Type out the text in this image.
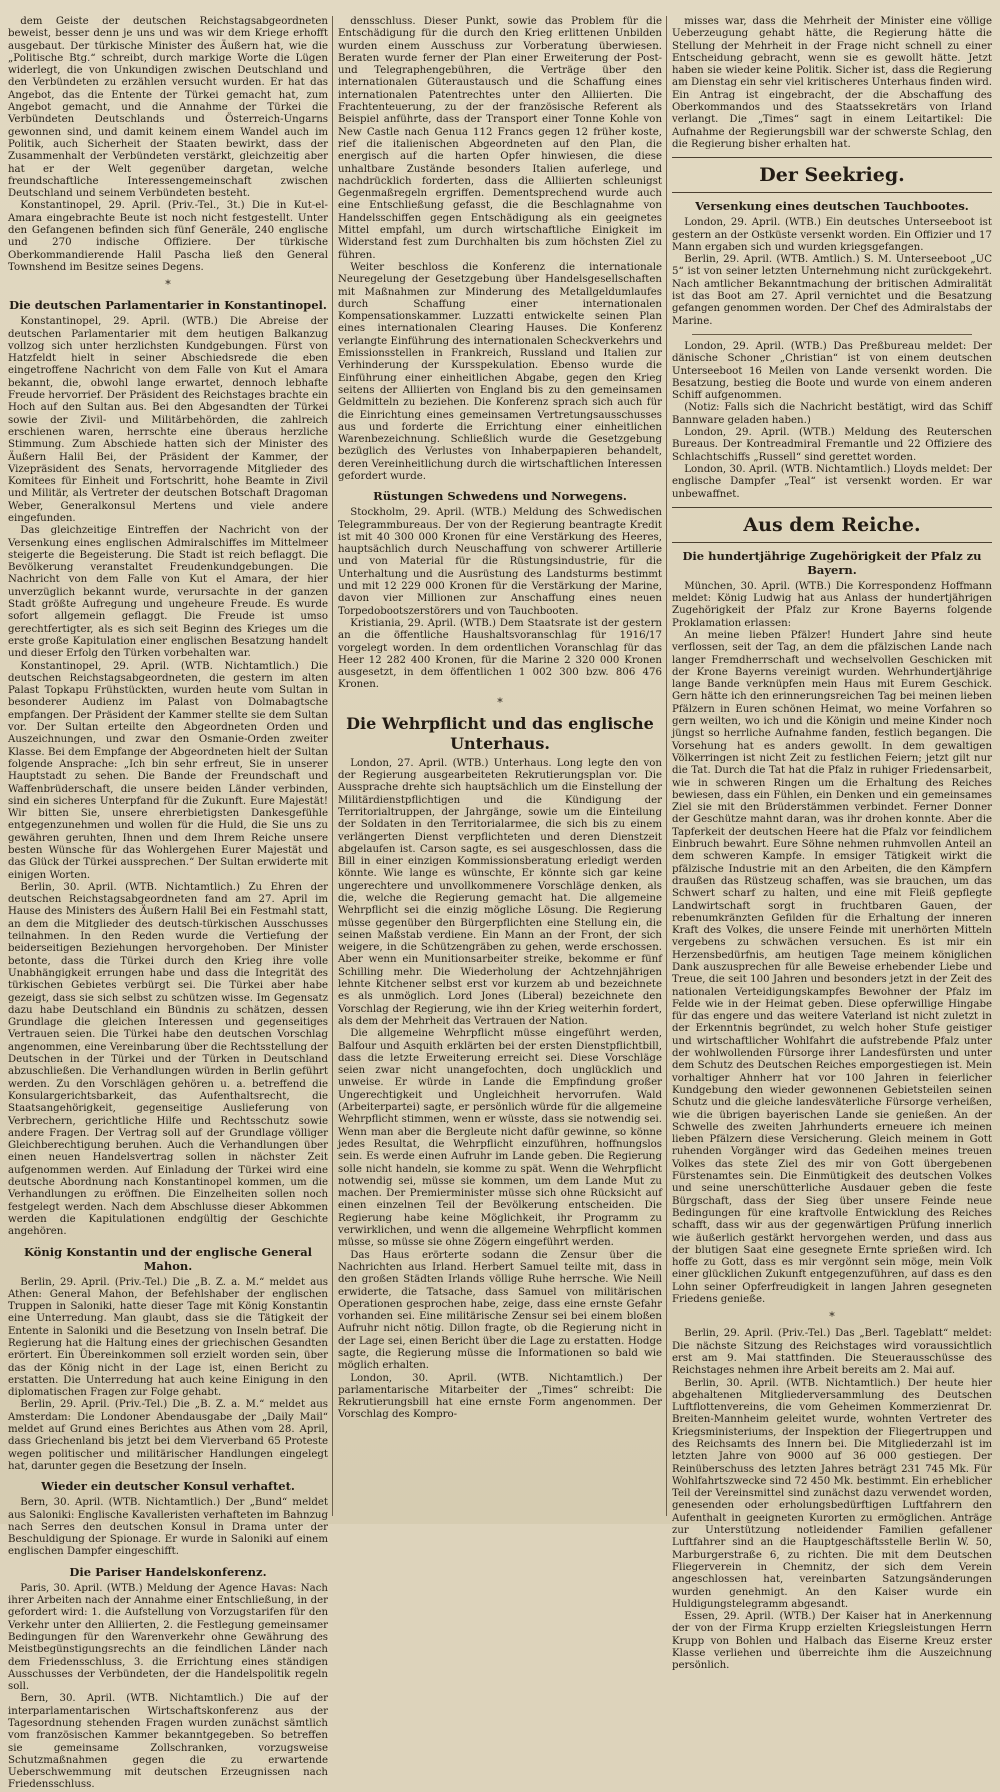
dem Geiste der deutschen Reichstagsabgeordneten beweist, besser denn je uns und was wir dem Kriege erhofft ausgebaut. Der türkische Minister des Äußern hat, wie die „Politische Btg.“ schreibt, durch markige Worte die Lügen widerlegt, die von Unkundigen zwischen Deutschland und den Verbündeten zu erzählen versucht wurden. Er hat das Angebot, das die Entente der Türkei gemacht hat, zum Angebot gemacht, und die Annahme der Türkei die Verbündeten Deutschlands und Österreich-Ungarns gewonnen sind, und damit keinem einem Wandel auch im Politik, auch Sicherheit der Staaten bewirkt, dass der Zusammenhalt der Verbündeten verstärkt, gleichzeitig aber hat er der Welt gegenüber dargetan, welche freundschaftliche Interessengemeinschaft zwischen Deutschland und seinem Verbündeten besteht.

Konstantinopel, 29. April. (Priv.-Tel., 3t.) Die in Kut-el-Amara eingebrachte Beute ist noch nicht festgestellt. Unter den Gefangenen befinden sich fünf Generäle, 240 englische und 270 indische Offiziere. Der türkische Oberkommandierende Halil Pascha ließ den General Townshend im Besitze seines Degens.

*
Die deutschen Parlamentarier in Konstantinopel.

Konstantinopel, 29. April. (WTB.) Die Abreise der deutschen Parlamentarier mit dem heutigen Balkanzug vollzog sich unter herzlichsten Kundgebungen. Fürst von Hatzfeldt hielt in seiner Abschiedsrede die eben eingetroffene Nachricht von dem Falle von Kut el Amara bekannt, die, obwohl lange erwartet, dennoch lebhafte Freude hervorrief. Der Präsident des Reichstages brachte ein Hoch auf den Sultan aus. Bei den Abgesandten der Türkei sowie der Zivil- und Militärbehörden, die zahlreich erschienen waren, herrschte eine überaus herzliche Stimmung. Zum Abschiede hatten sich der Minister des Äußern Halil Bei, der Präsident der Kammer, der Vizepräsident des Senats, hervorragende Mitglieder des Komitees für Einheit und Fortschritt, hohe Beamte in Zivil und Militär, als Vertreter der deutschen Botschaft Dragoman Weber, Generalkonsul Mertens und viele andere eingefunden.

Das gleichzeitige Eintreffen der Nachricht von der Versenkung eines englischen Admiralschiffes im Mittelmeer steigerte die Begeisterung. Die Stadt ist reich beflaggt. Die Bevölkerung veranstaltet Freudenkundgebungen. Die Nachricht von dem Falle von Kut el Amara, der hier unverzüglich bekannt wurde, verursachte in der ganzen Stadt größte Aufregung und ungeheure Freude. Es wurde sofort allgemein geflaggt. Die Freude ist umso gerechtfertigter, als es sich seit Beginn des Krieges um die erste große Kapitulation einer englischen Besatzung handelt und dieser Erfolg den Türken vorbehalten war.

Konstantinopel, 29. April. (WTB. Nichtamtlich.) Die deutschen Reichstagsabgeordneten, die gestern im alten Palast Topkapu Frühstückten, wurden heute vom Sultan in besonderer Audienz im Palast von Dolmabagtsche empfangen. Der Präsident der Kammer stellte sie dem Sultan vor. Der Sultan erteilte den Abgeordneten Orden und Auszeichnungen, und zwar den Osmanie-Orden zweiter Klasse. Bei dem Empfange der Abgeordneten hielt der Sultan folgende Ansprache: „Ich bin sehr erfreut, Sie in unserer Hauptstadt zu sehen. Die Bande der Freundschaft und Waffenbrüderschaft, die unsere beiden Länder verbinden, sind ein sicheres Unterpfand für die Zukunft. Eure Majestät! Wir bitten Sie, unsere ehrerbietigsten Dankesgefühle entgegenzunehmen und wollen für die Huld, die Sie uns zu gewähren geruhten, Ihnen und dem Ihrem Reiche unsere besten Wünsche für das Wohlergehen Eurer Majestät und das Glück der Türkei aussprechen.“ Der Sultan erwiderte mit einigen Worten.

Berlin, 30. April. (WTB. Nichtamtlich.) Zu Ehren der deutschen Reichstagsabgeordneten fand am 27. April im Hause des Ministers des Äußern Halil Bei ein Festmahl statt, an dem die Mitglieder des deutsch-türkischen Ausschusses teilnahmen. In den Reden wurde die Vertiefung der beiderseitigen Beziehungen hervorgehoben. Der Minister betonte, dass die Türkei durch den Krieg ihre volle Unabhängigkeit errungen habe und dass die Integrität des türkischen Gebietes verbürgt sei. Die Türkei aber habe gezeigt, dass sie sich selbst zu schützen wisse. Im Gegensatz dazu habe Deutschland ein Bündnis zu schätzen, dessen Grundlage die gleichen Interessen und gegenseitiges Vertrauen seien. Die Türkei habe den deutschen Vorschlag angenommen, eine Vereinbarung über die Rechtsstellung der Deutschen in der Türkei und der Türken in Deutschland abzuschließen. Die Verhandlungen würden in Berlin geführt werden. Zu den Vorschlägen gehören u. a. betreffend die Konsulargerichtsbarkeit, das Aufenthaltsrecht, die Staatsangehörigkeit, gegenseitige Auslieferung von Verbrechern, gerichtliche Hilfe und Rechtsschutz sowie andere Fragen. Der Vertrag soll auf der Grundlage völliger Gleichberechtigung beruhen. Auch die Verhandlungen über einen neuen Handelsvertrag sollen in nächster Zeit aufgenommen werden. Auf Einladung der Türkei wird eine deutsche Abordnung nach Konstantinopel kommen, um die Verhandlungen zu eröffnen. Die Einzelheiten sollen noch festgelegt werden. Nach dem Abschlusse dieser Abkommen werden die Kapitulationen endgültig der Geschichte angehören.

König Konstantin und der englische General Mahon.

Berlin, 29. April. (Priv.-Tel.) Die „B. Z. a. M.“ meldet aus Athen: General Mahon, der Befehlshaber der englischen Truppen in Saloniki, hatte dieser Tage mit König Konstantin eine Unterredung. Man glaubt, dass sie die Tätigkeit der Entente in Saloniki und die Besetzung von Inseln betraf. Die Regierung hat die Haltung eines der griechischen Gesandten erörtert. Ein Übereinkommen soll erzielt worden sein, über das der König nicht in der Lage ist, einen Bericht zu erstatten. Die Unterredung hat auch keine Einigung in den diplomatischen Fragen zur Folge gehabt.

Berlin, 29. April. (Priv.-Tel.) Die „B. Z. a. M.“ meldet aus Amsterdam: Die Londoner Abendausgabe der „Daily Mail“ meldet auf Grund eines Berichtes aus Athen vom 28. April, dass Griechenland bis jetzt bei dem Vierverband 65 Proteste wegen politischer und militärischer Handlungen eingelegt hat, darunter gegen die Besetzung der Inseln.

Wieder ein deutscher Konsul verhaftet.

Bern, 30. April. (WTB. Nichtamtlich.) Der „Bund“ meldet aus Saloniki: Englische Kavalleristen verhafteten im Bahnzug nach Serres den deutschen Konsul in Drama unter der Beschuldigung der Spionage. Er wurde in Saloniki auf einem englischen Dampfer eingeschifft.

Die Pariser Handelskonferenz.

Paris, 30. April. (WTB.) Meldung der Agence Havas: Nach ihrer Arbeiten nach der Annahme einer Entschließung, in der gefordert wird: 1. die Aufstellung von Vorzugstarifen für den Verkehr unter den Alliierten, 2. die Festlegung gemeinsamer Bedingungen für den Warenverkehr ohne Gewährung des Meistbegünstigungsrechts an die feindlichen Länder nach dem Friedensschluss, 3. die Errichtung eines ständigen Ausschusses der Verbündeten, der die Handelspolitik regeln soll.

Bern, 30. April. (WTB. Nichtamtlich.) Die auf der interparlamentarischen Wirtschaftskonferenz aus der Tagesordnung stehenden Fragen wurden zunächst sämtlich vom französischen Kammer bekanntgegeben. So betreffen sie gemeinsame Zollschranken, vorzugsweise Schutzmaßnahmen gegen die zu erwartende Ueberschwemmung mit deutschen Erzeugnissen nach Friedensschluss.

densschluss. Dieser Punkt, sowie das Problem für die Entschädigung für die durch den Krieg erlittenen Unbilden wurden einem Ausschuss zur Vorberatung überwiesen. Beraten wurde ferner der Plan einer Erweiterung der Post- und Telegraphengebühren, die Verträge über den internationalen Güteraustausch und die Schaffung eines internationalen Patentrechtes unter den Alliierten. Die Frachtenteuerung, zu der der französische Referent als Beispiel anführte, dass der Transport einer Tonne Kohle von New Castle nach Genua 112 Francs gegen 12 früher koste, rief die italienischen Abgeordneten auf den Plan, die energisch auf die harten Opfer hinwiesen, die diese unhaltbare Zustände besonders Italien auferlege, und nachdrücklich forderten, dass die Alliierten schleunigst Gegenmaßregeln ergriffen. Dementsprechend wurde auch eine Entschließung gefasst, die die Beschlagnahme von Handelsschiffen gegen Entschädigung als ein geeignetes Mittel empfahl, um durch wirtschaftliche Einigkeit im Widerstand fest zum Durchhalten bis zum höchsten Ziel zu führen.

Weiter beschloss die Konferenz die internationale Neuregelung der Gesetzgebung über Handelsgesellschaften mit Maßnahmen zur Minderung des Metallgeldumlaufes durch Schaffung einer internationalen Kompensationskammer. Luzzatti entwickelte seinen Plan eines internationalen Clearing Hauses. Die Konferenz verlangte Einführung des internationalen Scheckverkehrs und Emissionsstellen in Frankreich, Russland und Italien zur Verhinderung der Kursspekulation. Ebenso wurde die Einführung einer einheitlichen Abgabe, gegen den Krieg seitens der Alliierten von England bis zu den gemeinsamen Geldmitteln zu beziehen. Die Konferenz sprach sich auch für die Einrichtung eines gemeinsamen Vertretungsausschusses aus und forderte die Errichtung einer einheitlichen Warenbezeichnung. Schließlich wurde die Gesetzgebung bezüglich des Verlustes von Inhaberpapieren behandelt, deren Vereinheitlichung durch die wirtschaftlichen Interessen gefordert wurde.

Rüstungen Schwedens und Norwegens.

Stockholm, 29. April. (WTB.) Meldung des Schwedischen Telegrammbureaus. Der von der Regierung beantragte Kredit ist mit 40 300 000 Kronen für eine Verstärkung des Heeres, hauptsächlich durch Neuschaffung von schwerer Artillerie und von Material für die Rüstungsindustrie, für die Unterhaltung und die Ausrüstung des Landsturms bestimmt und mit 12 229 000 Kronen für die Verstärkung der Marine, davon vier Millionen zur Anschaffung eines neuen Torpedobootszerstörers und von Tauchbooten.

Kristiania, 29. April. (WTB.) Dem Staatsrate ist der gestern an die öffentliche Haushaltsvoranschlag für 1916/17 vorgelegt worden. In dem ordentlichen Voranschlag für das Heer 12 282 400 Kronen, für die Marine 2 320 000 Kronen ausgesetzt, in dem öffentlichen 1 002 300 bzw. 806 476 Kronen.

*
Die Wehrpflicht und das englische Unterhaus.

London, 27. April. (WTB.) Unterhaus. Long legte den von der Regierung ausgearbeiteten Rekrutierungsplan vor. Die Aussprache drehte sich hauptsächlich um die Einstellung der Militärdienstpflichtigen und die Kündigung der Territorialtruppen, der Jahrgänge, sowie um die Einteilung der Soldaten in den Territorialarmee, die sich bis zu einem verlängerten Dienst verpflichteten und deren Dienstzeit abgelaufen ist. Carson sagte, es sei ausgeschlossen, dass die Bill in einer einzigen Kommissionsberatung erledigt werden könnte. Wie lange es wünschte, Er könnte sich gar keine ungerechtere und unvollkommenere Vorschläge denken, als die, welche die Regierung gemacht hat. Die allgemeine Wehrpflicht sei die einzig mögliche Lösung. Die Regierung müsse gegenüber den Bürgerpflichten eine Stellung ein, die seinen Maßstab verdiene. Ein Mann an der Front, der sich weigere, in die Schützengräben zu gehen, werde erschossen. Aber wenn ein Munitionsarbeiter streike, bekomme er fünf Schilling mehr. Die Wiederholung der Achtzehnjährigen lehnte Kitchener selbst erst vor kurzem ab und bezeichnete es als unmöglich. Lord Jones (Liberal) bezeichnete den Vorschlag der Regierung, wie ihn der Krieg weiterhin fordert, als dem der Mehrheit das Vertrauen der Nation.

Die allgemeine Wehrpflicht müsse eingeführt werden, Balfour und Asquith erklärten bei der ersten Dienstpflichtbill, dass die letzte Erweiterung erreicht sei. Diese Vorschläge seien zwar nicht unangefochten, doch unglücklich und unweise. Er würde in Lande die Empfindung großer Ungerechtigkeit und Ungleichheit hervorrufen. Wald (Arbeiterpartei) sagte, er persönlich würde für die allgemeine Wehrpflicht stimmen, wenn er wüsste, dass sie notwendig sei. Wenn man aber die Bergleute nicht dafür gewinne, so könne jedes Resultat, die Wehrpflicht einzuführen, hoffnungslos sein. Es werde einen Aufruhr im Lande geben. Die Regierung solle nicht handeln, sie komme zu spät. Wenn die Wehrpflicht notwendig sei, müsse sie kommen, um dem Lande Mut zu machen. Der Premierminister müsse sich ohne Rücksicht auf einen einzelnen Teil der Bevölkerung entscheiden. Die Regierung habe keine Möglichkeit, ihr Programm zu verwirklichen, und wenn die allgemeine Wehrpflicht kommen müsse, so müsse sie ohne Zögern eingeführt werden.

Das Haus erörterte sodann die Zensur über die Nachrichten aus Irland. Herbert Samuel teilte mit, dass in den großen Städten Irlands völlige Ruhe herrsche. Wie Neill erwiderte, die Tatsache, dass Samuel von militärischen Operationen gesprochen habe, zeige, dass eine ernste Gefahr vorhanden sei. Eine militärische Zensur sei bei einem bloßen Aufruhr nicht nötig. Dillon fragte, ob die Regierung nicht in der Lage sei, einen Bericht über die Lage zu erstatten. Hodge sagte, die Regierung müsse die Informationen so bald wie möglich erhalten.

London, 30. April. (WTB. Nichtamtlich.) Der parlamentarische Mitarbeiter der „Times“ schreibt: Die Rekrutierungsbill hat eine ernste Form angenommen. Der Vorschlag des Kompro-

misses war, dass die Mehrheit der Minister eine völlige Ueberzeugung gehabt hätte, die Regierung hätte die Stellung der Mehrheit in der Frage nicht schnell zu einer Entscheidung gebracht, wenn sie es gewollt hätte. Jetzt haben sie wieder keine Politik. Sicher ist, dass die Regierung am Dienstag ein sehr viel kritischeres Unterhaus finden wird. Ein Antrag ist eingebracht, der die Abschaffung des Oberkommandos und des Staatssekretärs von Irland verlangt. Die „Times“ sagt in einem Leitartikel: Die Aufnahme der Regierungsbill war der schwerste Schlag, den die Regierung bisher erhalten hat.

Der Seekrieg.
Versenkung eines deutschen Tauchbootes.

London, 29. April. (WTB.) Ein deutsches Unterseeboot ist gestern an der Ostküste versenkt worden. Ein Offizier und 17 Mann ergaben sich und wurden kriegsgefangen.

Berlin, 29. April. (WTB. Amtlich.) S. M. Unterseeboot „UC 5“ ist von seiner letzten Unternehmung nicht zurückgekehrt. Nach amtlicher Bekanntmachung der britischen Admiralität ist das Boot am 27. April vernichtet und die Besatzung gefangen genommen worden. Der Chef des Admiralstabs der Marine.

London, 29. April. (WTB.) Das Preßbureau meldet: Der dänische Schoner „Christian“ ist von einem deutschen Unterseeboot 16 Meilen von Lande versenkt worden. Die Besatzung, bestieg die Boote und wurde von einem anderen Schiff aufgenommen.

(Notiz: Falls sich die Nachricht bestätigt, wird das Schiff Bannware geladen haben.)

London, 29. April. (WTB.) Meldung des Reuterschen Bureaus. Der Kontreadmiral Fremantle und 22 Offiziere des Schlachtschiffs „Russell“ sind gerettet worden.

London, 30. April. (WTB. Nichtamtlich.) Lloyds meldet: Der englische Dampfer „Teal“ ist versenkt worden. Er war unbewaffnet.

Aus dem Reiche.
Die hundertjährige Zugehörigkeit der Pfalz zu Bayern.

München, 30. April. (WTB.) Die Korrespondenz Hoffmann meldet: König Ludwig hat aus Anlass der hundertjährigen Zugehörigkeit der Pfalz zur Krone Bayerns folgende Proklamation erlassen:

An meine lieben Pfälzer! Hundert Jahre sind heute verflossen, seit der Tag, an dem die pfälzischen Lande nach langer Fremdherrschaft und wechselvollen Geschicken mit der Krone Bayerns vereinigt wurden. Wehrhundertjährige lange Bande verknüpfen mein Haus mit Eurem Geschick. Gern hätte ich den erinnerungsreichen Tag bei meinen lieben Pfälzern in Euren schönen Heimat, wo meine Vorfahren so gern weilten, wo ich und die Königin und meine Kinder noch jüngst so herrliche Aufnahme fanden, festlich begangen. Die Vorsehung hat es anders gewollt. In dem gewaltigen Völkerringen ist nicht Zeit zu festlichen Feiern; jetzt gilt nur die Tat. Durch die Tat hat die Pfalz in ruhiger Friedensarbeit, wie in schweren Ringen um die Erhaltung des Reiches bewiesen, dass ein Fühlen, ein Denken und ein gemeinsames Ziel sie mit den Brüderstämmen verbindet. Ferner Donner der Geschütze mahnt daran, was ihr drohen konnte. Aber die Tapferkeit der deutschen Heere hat die Pfalz vor feindlichem Einbruch bewahrt. Eure Söhne nehmen ruhmvollen Anteil an dem schweren Kampfe. In emsiger Tätigkeit wirkt die pfälzische Industrie mit an den Arbeiten, die den Kämpfern draußen das Rüstzeug schaffen, was sie brauchen, um das Schwert scharf zu halten, und eine mit Fleiß gepflegte Landwirtschaft sorgt in fruchtbaren Gauen, der rebenumkränzten Gefilden für die Erhaltung der inneren Kraft des Volkes, die unsere Feinde mit unerhörten Mitteln vergebens zu schwächen versuchen. Es ist mir ein Herzensbedürfnis, am heutigen Tage meinem königlichen Dank auszusprechen für alle Beweise erhebender Liebe und Treue, die seit 100 Jahren und besonders jetzt in der Zeit des nationalen Verteidigungskampfes Bewohner der Pfalz im Felde wie in der Heimat geben. Diese opferwillige Hingabe für das engere und das weitere Vaterland ist nicht zuletzt in der Erkenntnis begründet, zu welch hoher Stufe geistiger und wirtschaftlicher Wohlfahrt die aufstrebende Pfalz unter der wohlwollenden Fürsorge ihrer Landesfürsten und unter dem Schutz des Deutschen Reiches emporgestiegen ist. Mein vorhaltiger Ahnherr hat vor 100 Jahren in feierlicher Kundgebung den wieder gewonnenen Gebietsteilen seinen Schutz und die gleiche landesväterliche Fürsorge verheißen, wie die übrigen bayerischen Lande sie genießen. An der Schwelle des zweiten Jahrhunderts erneuere ich meinen lieben Pfälzern diese Versicherung. Gleich meinem in Gott ruhenden Vorgänger wird das Gedeihen meines treuen Volkes das stete Ziel des mir von Gott übergebenen Fürstenamtes sein. Die Einmütigkeit des deutschen Volkes und seine unerschütterliche Ausdauer geben die feste Bürgschaft, dass der Sieg über unsere Feinde neue Bedingungen für eine kraftvolle Entwicklung des Reiches schafft, dass wir aus der gegenwärtigen Prüfung innerlich wie äußerlich gestärkt hervorgehen werden, und dass aus der blutigen Saat eine gesegnete Ernte sprießen wird. Ich hoffe zu Gott, dass es mir vergönnt sein möge, mein Volk einer glücklichen Zukunft entgegenzuführen, auf dass es den Lohn seiner Opferfreudigkeit in langen Jahren gesegneten Friedens genieße.

*

Berlin, 29. April. (Priv.-Tel.) Das „Berl. Tageblatt“ meldet: Die nächste Sitzung des Reichstages wird voraussichtlich erst am 9. Mai stattfinden. Die Steuerausschüsse des Reichstages nehmen ihre Arbeit bereits am 2. Mai auf.

Berlin, 30. April. (WTB. Nichtamtlich.) Der heute hier abgehaltenen Mitgliederversammlung des Deutschen Luftflottenvereins, die vom Geheimen Kommerzienrat Dr. Breiten-Mannheim geleitet wurde, wohnten Vertreter des Kriegsministeriums, der Inspektion der Fliegertruppen und des Reichsamts des Innern bei. Die Mitgliederzahl ist im letzten Jahre von 9000 auf 36 000 gestiegen. Der Reinüberschuss des letzten Jahres beträgt 231 745 Mk. Für Wohlfahrtszwecke sind 72 450 Mk. bestimmt. Ein erheblicher Teil der Vereinsmittel sind zunächst dazu verwendet worden, genesenden oder erholungsbedürftigen Luftfahrern den Aufenthalt in geeigneten Kurorten zu ermöglichen. Anträge zur Unterstützung notleidender Familien gefallener Luftfahrer sind an die Hauptgeschäftsstelle Berlin W. 50, Marburgerstraße 6, zu richten. Die mit dem Deutschen Fliegerverein in Chemnitz, der sich dem Verein angeschlossen hat, vereinbarten Satzungsänderungen wurden genehmigt. An den Kaiser wurde ein Huldigungstelegramm abgesandt.

Essen, 29. April. (WTB.) Der Kaiser hat in Anerkennung der von der Firma Krupp erzielten Kriegsleistungen Herrn Krupp von Bohlen und Halbach das Eiserne Kreuz erster Klasse verliehen und überreichte ihm die Auszeichnung persönlich.
